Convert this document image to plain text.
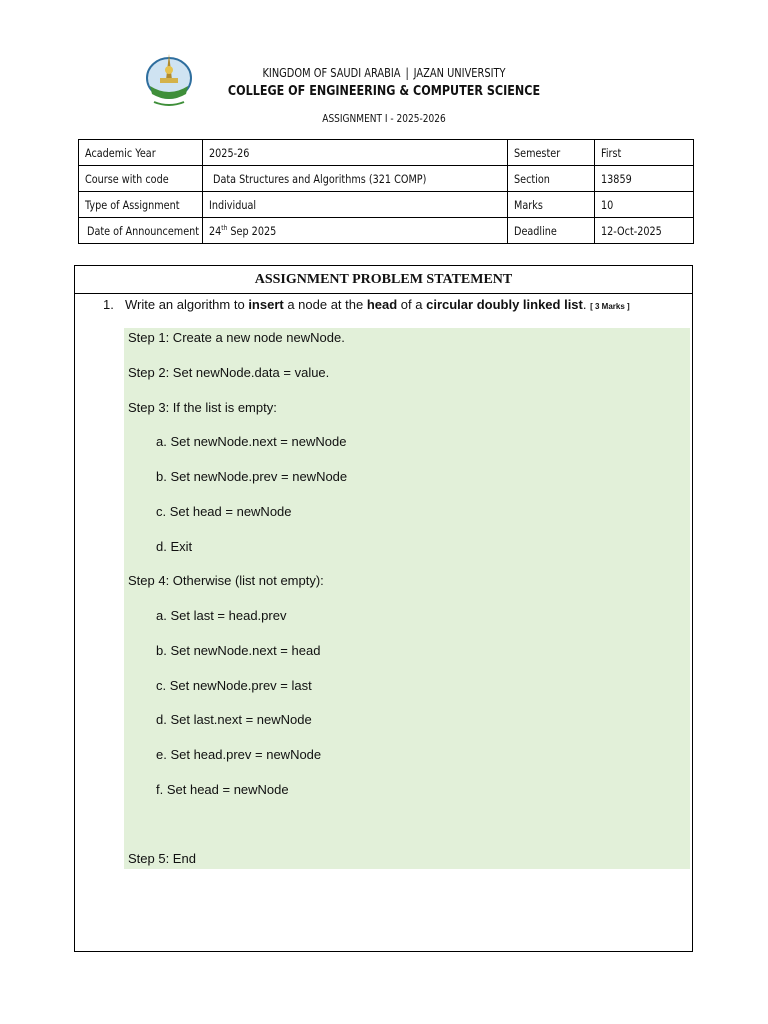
KINGDOM OF SAUDI ARABIA | JAZAN UNIVERSITY
COLLEGE OF ENGINEERING & COMPUTER SCIENCE
ASSIGNMENT I - 2025-2026
Academic Year	2025-26	Semester	First
Course with code	Data Structures and Algorithms (321 COMP)	Section	13859
Type of Assignment	Individual	Marks	10
Date of Announcement	24th Sep 2025	Deadline	12-Oct-2025
ASSIGNMENT PROBLEM STATEMENT
1. Write an algorithm to insert a node at the head of a circular doubly linked list. [ 3 Marks ]
Step 1: Create a new node newNode.
Step 2: Set newNode.data = value.
Step 3: If the list is empty:
a. Set newNode.next = newNode
b. Set newNode.prev = newNode
c. Set head = newNode
d. Exit
Step 4: Otherwise (list not empty):
a. Set last = head.prev
b. Set newNode.next = head
c. Set newNode.prev = last
d. Set last.next = newNode
e. Set head.prev = newNode
f. Set head = newNode
Step 5: End
